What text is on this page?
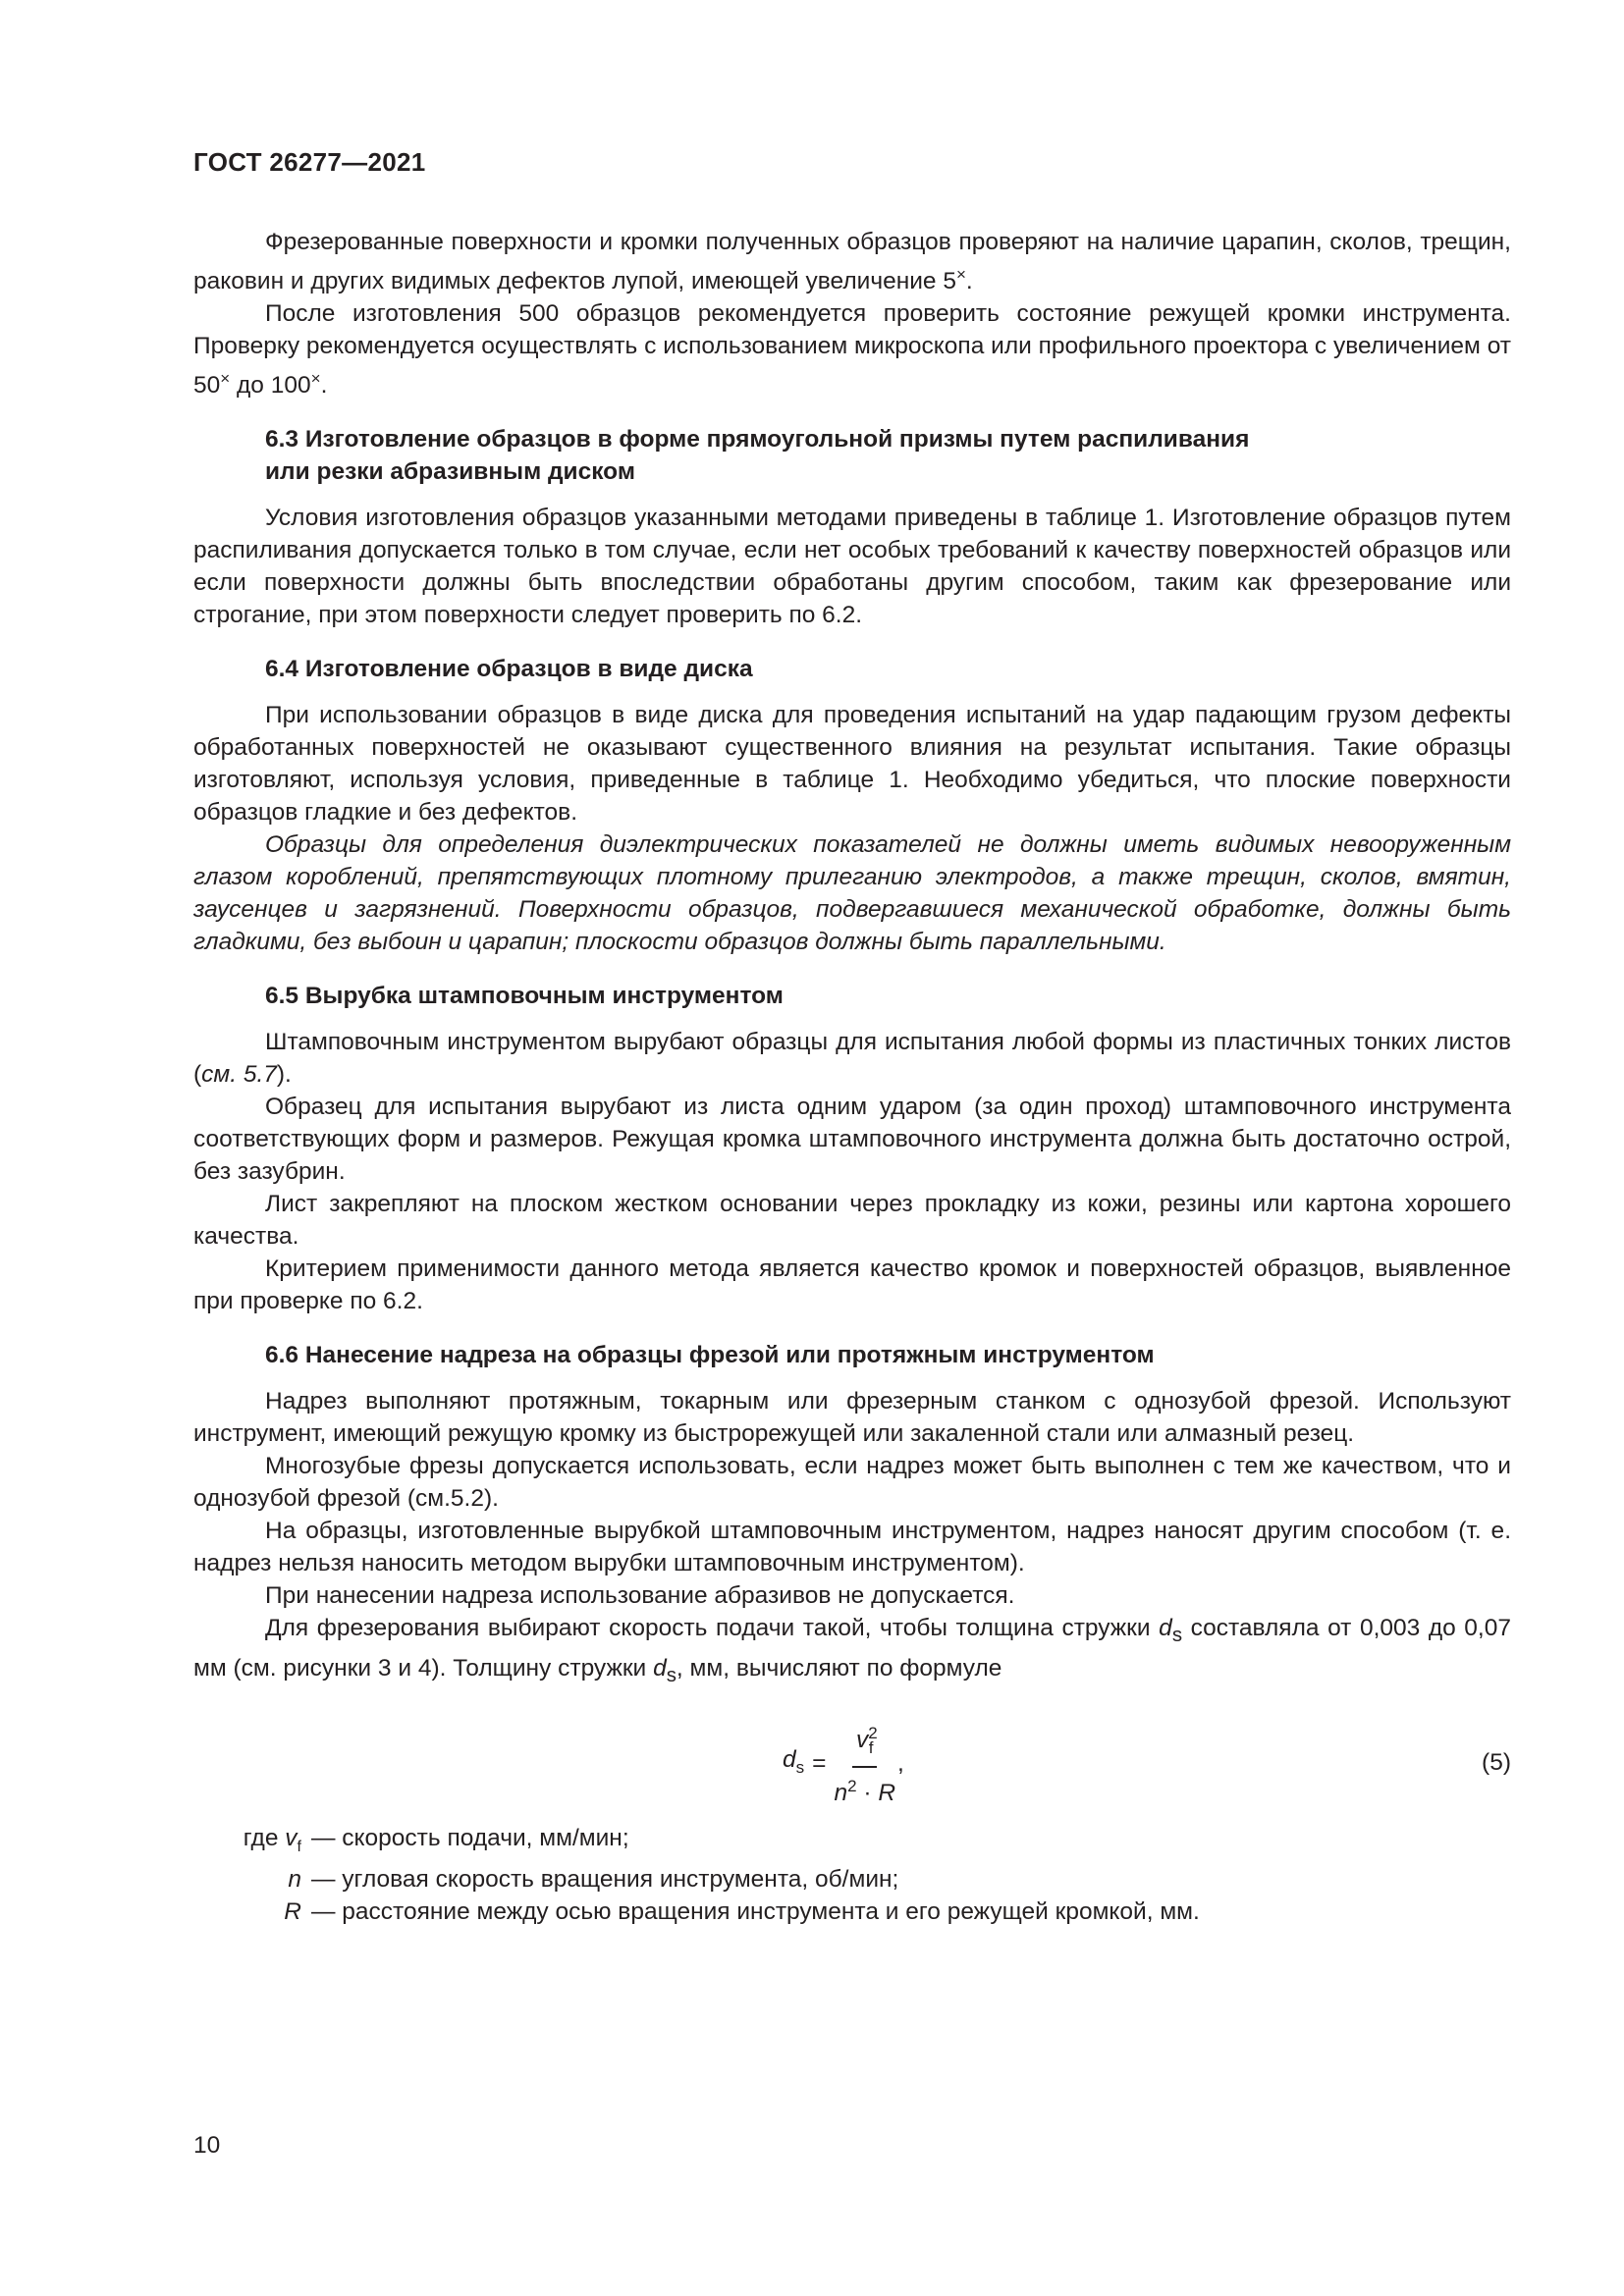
ГОСТ 26277—2021

Фрезерованные поверхности и кромки полученных образцов проверяют на наличие царапин, сколов, трещин, раковин и других видимых дефектов лупой, имеющей увеличение 5×.

После изготовления 500 образцов рекомендуется проверить состояние режущей кромки инструмента. Проверку рекомендуется осуществлять с использованием микроскопа или профильного проектора с увеличением от 50× до 100×.

6.3 Изготовление образцов в форме прямоугольной призмы путем распиливания
или резки абразивным диском

Условия изготовления образцов указанными методами приведены в таблице 1. Изготовление образцов путем распиливания допускается только в том случае, если нет особых требований к качеству поверхностей образцов или если поверхности должны быть впоследствии обработаны другим способом, таким как фрезерование или строгание, при этом поверхности следует проверить по 6.2.

6.4 Изготовление образцов в виде диска

При использовании образцов в виде диска для проведения испытаний на удар падающим грузом дефекты обработанных поверхностей не оказывают существенного влияния на результат испытания. Такие образцы изготовляют, используя условия, приведенные в таблице 1. Необходимо убедиться, что плоские поверхности образцов гладкие и без дефектов.

Образцы для определения диэлектрических показателей не должны иметь видимых невооруженным глазом короблений, препятствующих плотному прилеганию электродов, а также трещин, сколов, вмятин, заусенцев и загрязнений. Поверхности образцов, подвергавшиеся механической обработке, должны быть гладкими, без выбоин и царапин; плоскости образцов должны быть параллельными.

6.5 Вырубка штамповочным инструментом

Штамповочным инструментом вырубают образцы для испытания любой формы из пластичных тонких листов (см. 5.7).

Образец для испытания вырубают из листа одним ударом (за один проход) штамповочного инструмента соответствующих форм и размеров. Режущая кромка штамповочного инструмента должна быть достаточно острой, без зазубрин.

Лист закрепляют на плоском жестком основании через прокладку из кожи, резины или картона хорошего качества.

Критерием применимости данного метода является качество кромок и поверхностей образцов, выявленное при проверке по 6.2.

6.6 Нанесение надреза на образцы фрезой или протяжным инструментом

Надрез выполняют протяжным, токарным или фрезерным станком с однозубой фрезой. Используют инструмент, имеющий режущую кромку из быстрорежущей или закаленной стали или алмазный резец.

Многозубые фрезы допускается использовать, если надрез может быть выполнен с тем же качеством, что и однозубой фрезой (см.5.2).

На образцы, изготовленные вырубкой штамповочным инструментом, надрез наносят другим способом (т. е. надрез нельзя наносить методом вырубки штамповочным инструментом).

При нанесении надреза использование абразивов не допускается.

Для фрезерования выбирают скорость подачи такой, чтобы толщина стружки $d_s$ составляла от 0,003 до 0,07 мм (см. рисунки 3 и 4). Толщину стружки $d_s$, мм, вычисляют по формуле

$d_s = \frac{v^2_f}{n^2 \cdot R}$ ,	(5)
где $v_f$ — скорость подачи, мм/мин;
n — угловая скорость вращения инструмента, об/мин;
R — расстояние между осью вращения инструмента и его режущей кромкой, мм.
10
